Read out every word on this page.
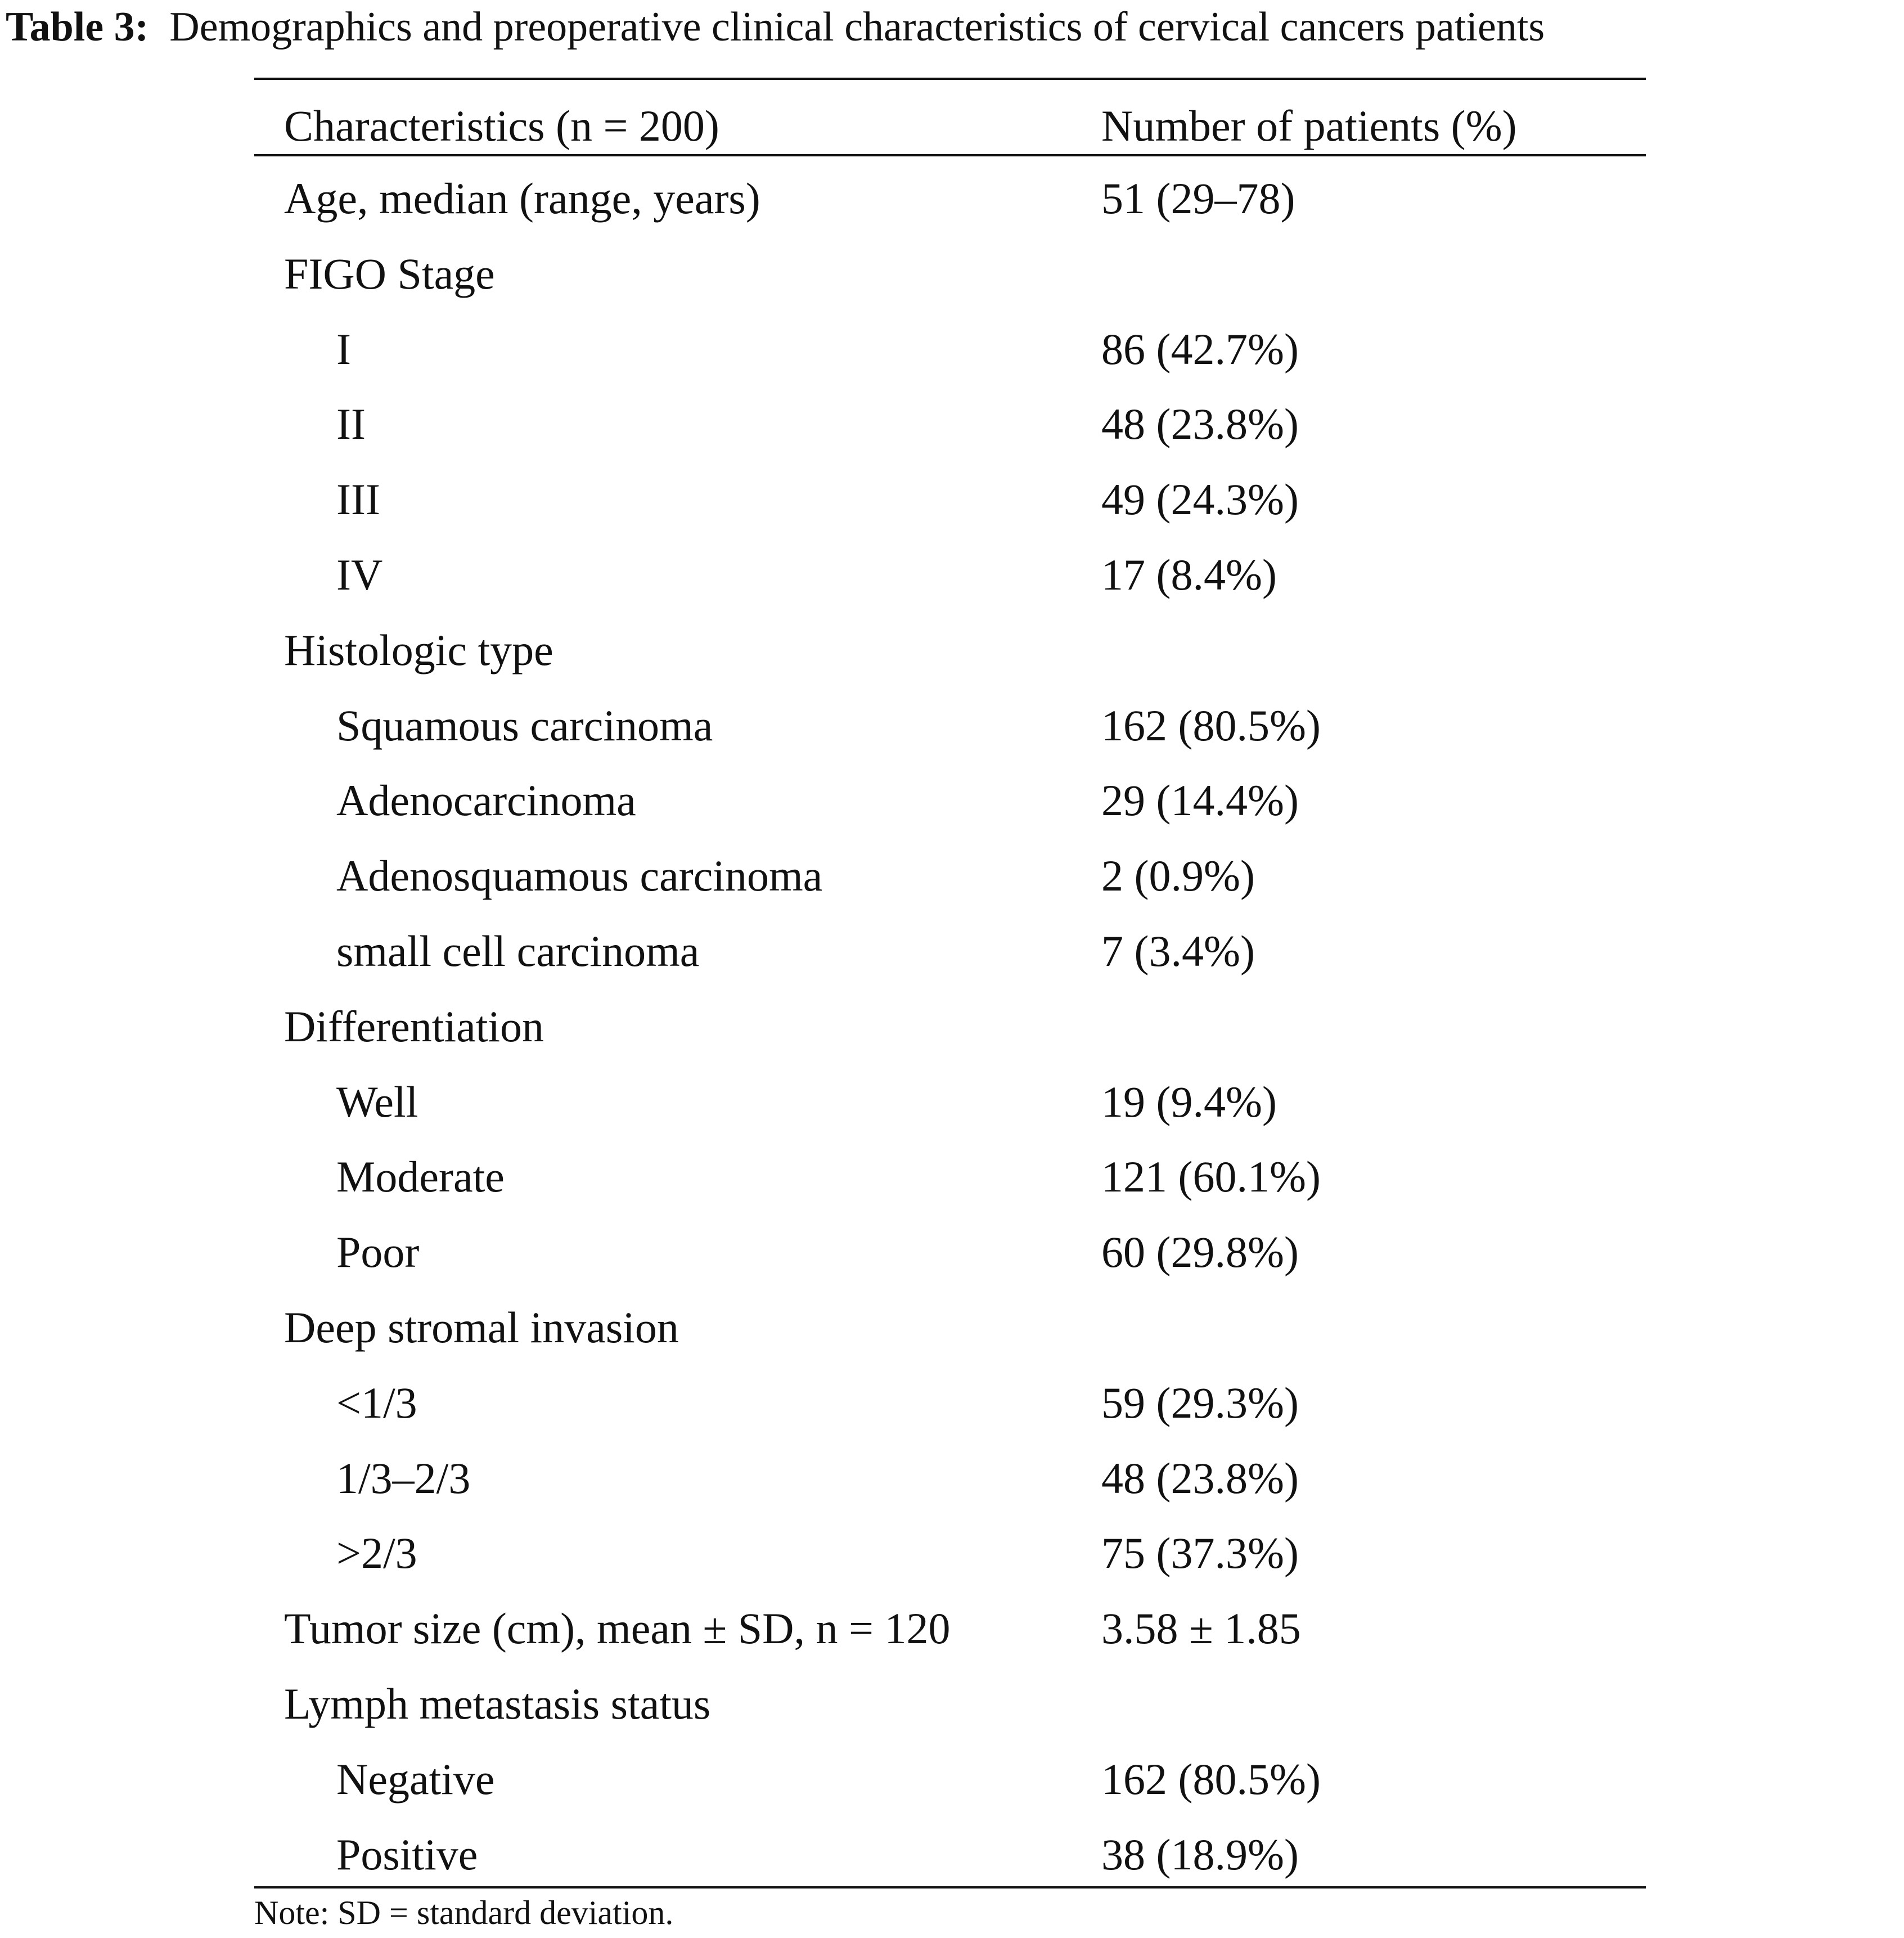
Table 3: Demographics and preoperative clinical characteristics of cervical cancers patients
Characteristics (n = 200)	Number of patients (%)
Age, median (range, years)	51 (29–78)
FIGO Stage
I	86 (42.7%)
II	48 (23.8%)
III	49 (24.3%)
IV	17 (8.4%)
Histologic type
Squamous carcinoma	162 (80.5%)
Adenocarcinoma	29 (14.4%)
Adenosquamous carcinoma	2 (0.9%)
small cell carcinoma	7 (3.4%)
Differentiation
Well	19 (9.4%)
Moderate	121 (60.1%)
Poor	60 (29.8%)
Deep stromal invasion
<1/3	59 (29.3%)
1/3–2/3	48 (23.8%)
>2/3	75 (37.3%)
Tumor size (cm), mean ± SD, n = 120	3.58 ± 1.85
Lymph metastasis status
Negative	162 (80.5%)
Positive	38 (18.9%)
Note: SD = standard deviation.
